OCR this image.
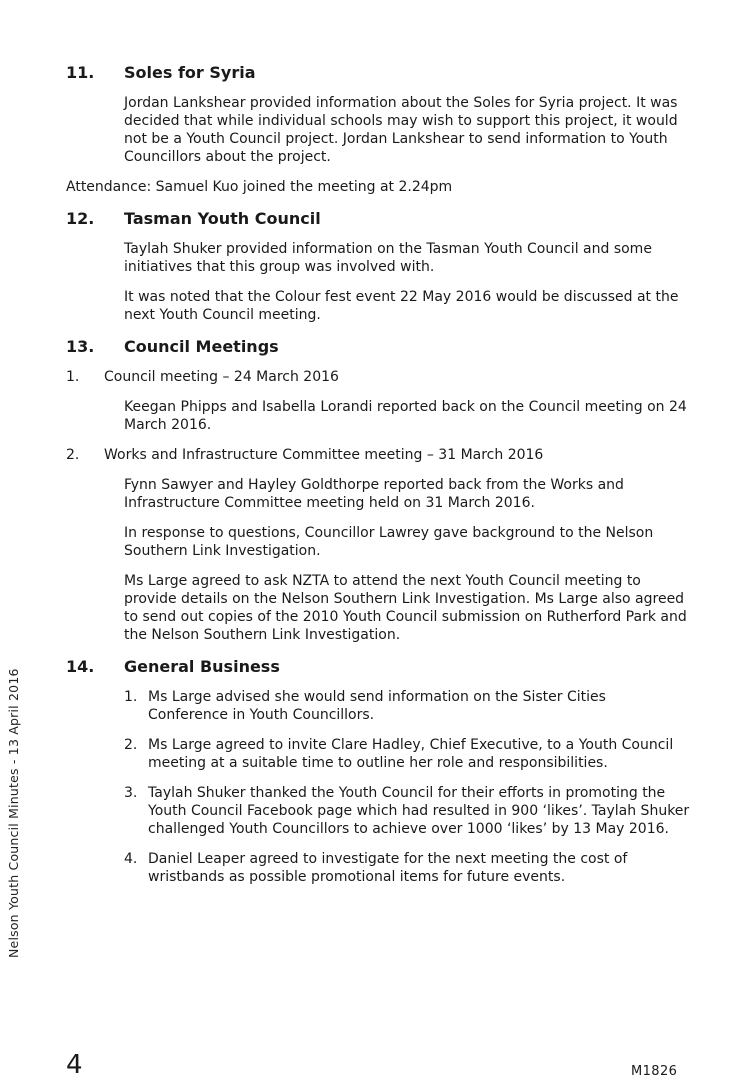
Nelson Youth Council Minutes - 13 April 2016
11.	Soles for Syria

Jordan Lankshear provided information about the Soles for Syria project. It was decided that while individual schools may wish to support this project, it would not be a Youth Council project. Jordan Lankshear to send information to Youth Councillors about the project.

Attendance: Samuel Kuo joined the meeting at 2.24pm

12.	Tasman Youth Council

Taylah Shuker provided information on the Tasman Youth Council and some initiatives that this group was involved with.

It was noted that the Colour fest event 22 May 2016 would be discussed at the next Youth Council meeting.

13.	Council Meetings
1.	Council meeting – 24 March 2016

Keegan Phipps and Isabella Lorandi reported back on the Council meeting on 24 March 2016.

2.	Works and Infrastructure Committee meeting – 31 March 2016

Fynn Sawyer and Hayley Goldthorpe reported back from the Works and Infrastructure Committee meeting held on 31 March 2016.

In response to questions, Councillor Lawrey gave background to the Nelson Southern Link Investigation.

Ms Large agreed to ask NZTA to attend the next Youth Council meeting to provide details on the Nelson Southern Link Investigation. Ms Large also agreed to send out copies of the 2010 Youth Council submission on Rutherford Park and the Nelson Southern Link Investigation.

14.	General Business
1. Ms Large advised she would send information on the Sister Cities Conference in Youth Councillors.
2. Ms Large agreed to invite Clare Hadley, Chief Executive, to a Youth Council meeting at a suitable time to outline her role and responsibilities.
3. Taylah Shuker thanked the Youth Council for their efforts in promoting the Youth Council Facebook page which had resulted in 900 ‘likes’. Taylah Shuker challenged Youth Councillors to achieve over 1000 ‘likes’ by 13 May 2016.
4. Daniel Leaper agreed to investigate for the next meeting the cost of wristbands as possible promotional items for future events.
4	M1826
